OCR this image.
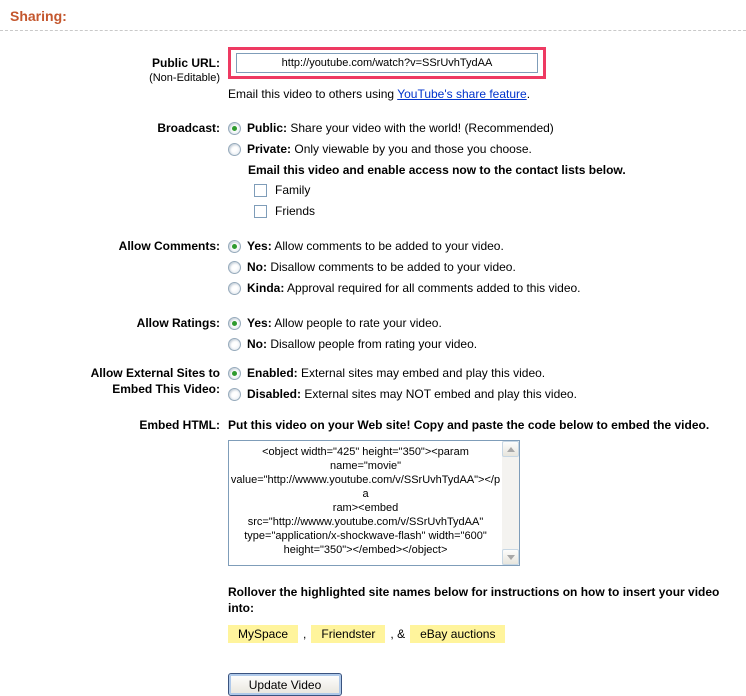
Sharing:
Public URL:
(Non-Editable)
http://youtube.com/watch?v=SSrUvhTydAA
Email this video to others using YouTube's share feature.
Broadcast: Public: Share your video with the world! (Recommended)
Private: Only viewable by you and those you choose.
Email this video and enable access now to the contact lists below.
Family
Friends
Allow Comments: Yes: Allow comments to be added to your video.
No: Disallow comments to be added to your video.
Kinda: Approval required for all comments added to this video.
Allow Ratings: Yes: Allow people to rate your video.
No: Disallow people from rating your video.
Allow External Sites to
Embed This Video:
Enabled: External sites may embed and play this video.
Disabled: External sites may NOT embed and play this video.
Embed HTML: Put this video on your Web site! Copy and paste the code below to embed the video.
<object width="425" height="350"><param
name="movie"
value="http://wwww.youtube.com/v/SSrUvhTydAA"></pa
ram><embed
src="http://wwww.youtube.com/v/SSrUvhTydAA"
type="application/x-shockwave-flash" width="600"
height="350"></embed></object>
Rollover the highlighted site names below for instructions on how to insert your video into:
MySpace	,	Friendster	, &	eBay auctions
Update Video
